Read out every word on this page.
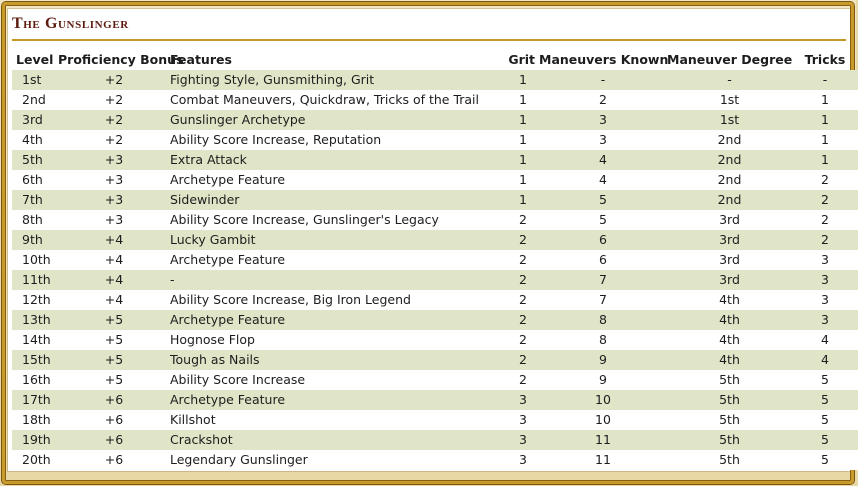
The Gunslinger
Level	Proficiency Bonus	Features	Grit	Maneuvers Known	Maneuver Degree	Tricks
1st	+2	Fighting Style, Gunsmithing, Grit	1	-	-	-
2nd	+2	Combat Maneuvers, Quickdraw, Tricks of the Trail	1	2	1st	1
3rd	+2	Gunslinger Archetype	1	3	1st	1
4th	+2	Ability Score Increase, Reputation	1	3	2nd	1
5th	+3	Extra Attack	1	4	2nd	1
6th	+3	Archetype Feature	1	4	2nd	2
7th	+3	Sidewinder	1	5	2nd	2
8th	+3	Ability Score Increase, Gunslinger's Legacy	2	5	3rd	2
9th	+4	Lucky Gambit	2	6	3rd	2
10th	+4	Archetype Feature	2	6	3rd	3
11th	+4	-	2	7	3rd	3
12th	+4	Ability Score Increase, Big Iron Legend	2	7	4th	3
13th	+5	Archetype Feature	2	8	4th	3
14th	+5	Hognose Flop	2	8	4th	4
15th	+5	Tough as Nails	2	9	4th	4
16th	+5	Ability Score Increase	2	9	5th	5
17th	+6	Archetype Feature	3	10	5th	5
18th	+6	Killshot	3	10	5th	5
19th	+6	Crackshot	3	11	5th	5
20th	+6	Legendary Gunslinger	3	11	5th	5
